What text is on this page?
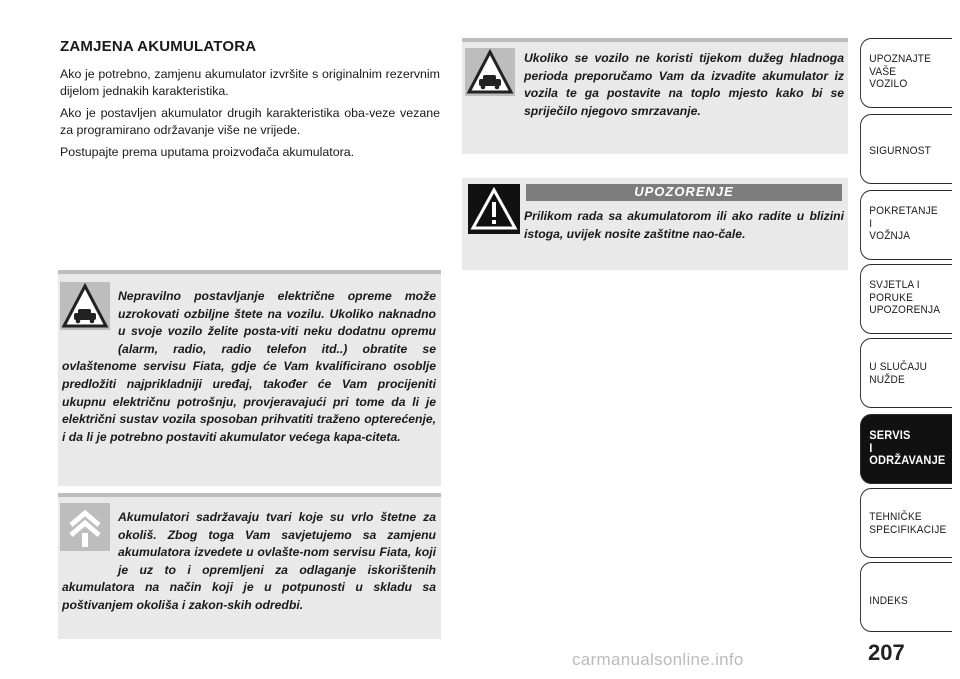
ZAMJENA AKUMULATORA

Ako je potrebno, zamjenu akumulator izvršite s originalnim rezervnim dijelom jednakih karakteristika.

Ako je postavljen akumulator drugih karakteristika oba-veze vezane za programirano održavanje više ne vrijede.

Postupajte prema uputama proizvođača akumulatora.

Nepravilno postavljanje električne opreme može uzrokovati ozbiljne štete na vozilu. Ukoliko naknadno u svoje vozilo želite posta-viti neku dodatnu opremu (alarm, radio, radio telefon itd..) obratite se ovlaštenome servisu Fiata, gdje će Vam kvalificirano osoblje predložiti najprikladniji uređaj, također će Vam procijeniti ukupnu električnu potrošnju, provjeravajući pri tome da li je električni sustav vozila sposoban prihvatiti traženo opterećenje, i da li je potrebno postaviti akumulator većega kapa-citeta.

Akumulatori sadržavaju tvari koje su vrlo štetne za okoliš. Zbog toga Vam savjetujemo sa zamjenu akumulatora izvedete u ovlašte-nom servisu Fiata, koji je uz to i opremljeni za odlaganje iskorištenih akumulatora na način koji je u potpunosti u skladu sa poštivanjem okoliša i zakon-skih odredbi.

Ukoliko se vozilo ne koristi tijekom dužeg hladnoga perioda preporučamo Vam da izvadite akumulator iz vozila te ga postavite na toplo mjesto kako bi se spriječilo njegovo smrzavanje.

UPOZORENJE

Prilikom rada sa akumulatorom ili ako radite u blizini istoga, uvijek nosite zaštitne nao-čale.

UPOZNAJTE
VAŠE
VOZILO
SIGURNOST
POKRETANJE
I
VOŽNJA
SVJETLA I
PORUKE
UPOZORENJA
U SLUČAJU
NUŽDE
SERVIS
I
ODRŽAVANJE
TEHNIČKE
SPECIFIKACIJE
INDEKS
207
carmanualsonline.info
